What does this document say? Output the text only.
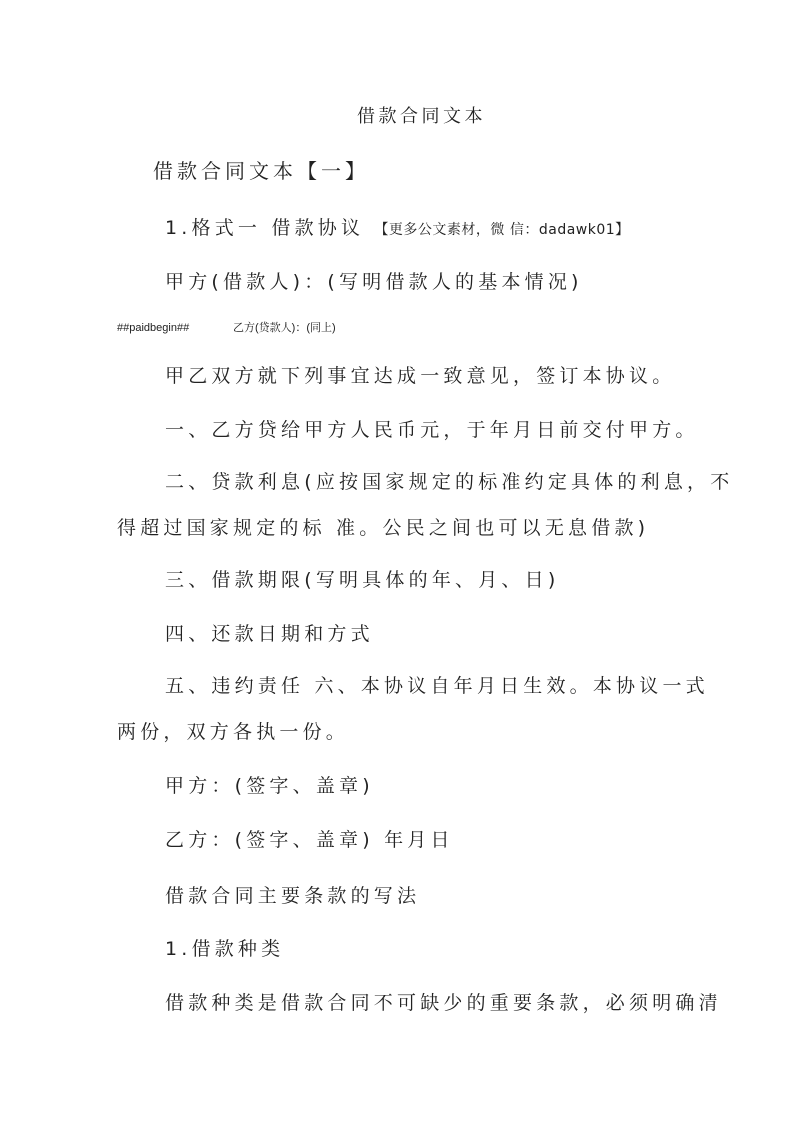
借款合同文本
借款合同文本【一】
1.格式一 借款协议 【更多公文素材，微 信：dadawk01】
甲方(借款人)：(写明借款人的基本情况)
##paidbegin##	乙方(贷款人)：(同上)
甲乙双方就下列事宜达成一致意见，签订本协议。
一、乙方贷给甲方人民币元，于年月日前交付甲方。
二、贷款利息(应按国家规定的标准约定具体的利息，不
得超过国家规定的标 准。公民之间也可以无息借款)
三、借款期限(写明具体的年、月、日)
四、还款日期和方式
五、违约责任 六、本协议自年月日生效。本协议一式
两份，双方各执一份。
甲方：(签字、盖章)
乙方：(签字、盖章) 年月日
借款合同主要条款的写法
1.借款种类
借款种类是借款合同不可缺少的重要条款，必须明确清
